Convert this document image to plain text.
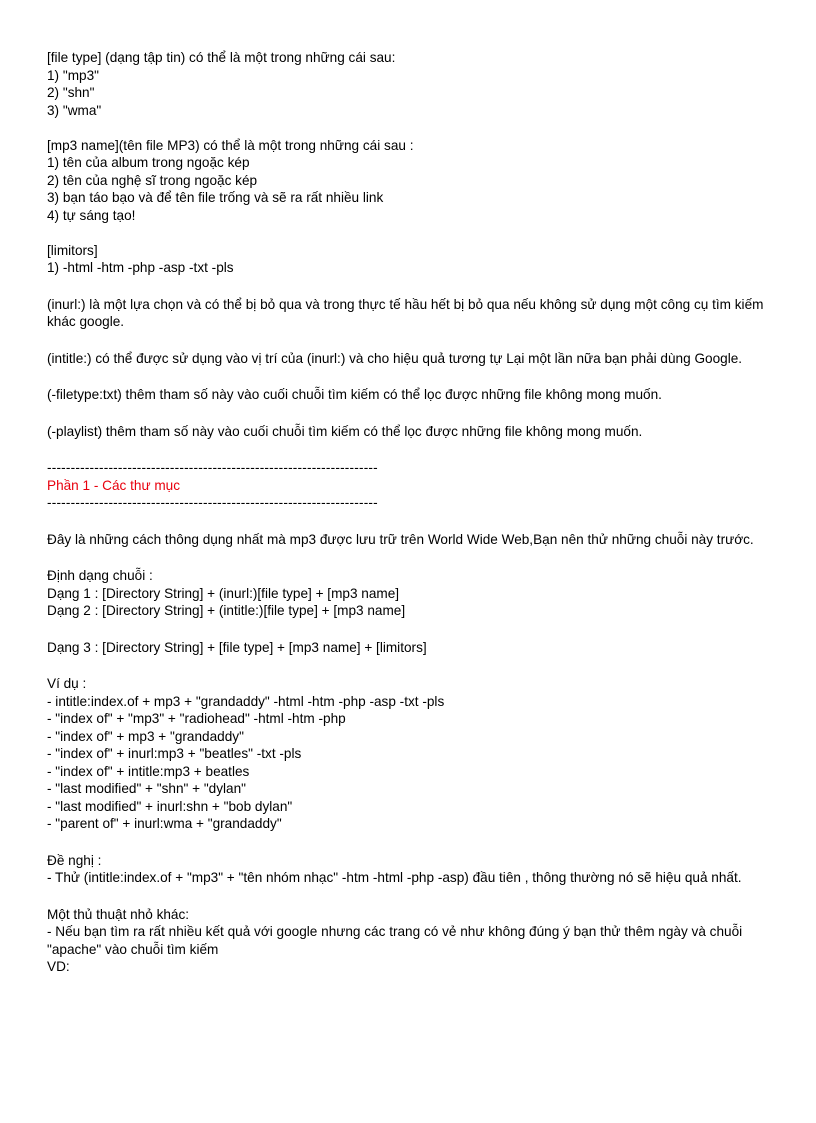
[file type] (dạng tập tin) có thể là một trong những cái sau:
1) "mp3"
2) "shn"
3) "wma"
[mp3 name](tên file MP3) có thể là một trong những cái sau :
1) tên của album trong ngoặc kép
2) tên của nghệ sĩ trong ngoặc kép
3) bạn táo bạo và để tên file trống và sẽ ra rất nhiều link
4) tự sáng tạo!
[limitors]
1) -html -htm -php -asp -txt -pls

(inurl:) là một lựa chọn và có thể bị bỏ qua và trong thực tế hầu hết bị bỏ qua nếu không sử dụng một công cụ tìm kiếm khác google.

(intitle:) có thể được sử dụng vào vị trí của (inurl:) và cho hiệu quả tương tự Lại một lần nữa bạn phải dùng Google.

(-filetype:txt) thêm tham số này vào cuối chuỗi tìm kiếm có thể lọc được những file không mong muốn.

(-playlist) thêm tham số này vào cuối chuỗi tìm kiếm có thể lọc được những file không mong muốn.

----------------------------------------------------------------------
Phần 1 - Các thư mục
----------------------------------------------------------------------

Đây là những cách thông dụng nhất mà mp3 được lưu trữ trên World Wide Web,Bạn nên thử những chuỗi này trước.

Định dạng chuỗi :
Dạng 1 : [Directory String] + (inurl:)[file type] + [mp3 name]
Dạng 2 : [Directory String] + (intitle:)[file type] + [mp3 name]
Dạng 3 : [Directory String] + [file type] + [mp3 name] + [limitors]
Ví dụ :
- intitle:index.of + mp3 + "grandaddy" -html -htm -php -asp -txt -pls
- "index of" + "mp3" + "radiohead" -html -htm -php
- "index of" + mp3 + "grandaddy"
- "index of" + inurl:mp3 + "beatles" -txt -pls
- "index of" + intitle:mp3 + beatles
- "last modified" + "shn" + "dylan"
- "last modified" + inurl:shn + "bob dylan"
- "parent of" + inurl:wma + "grandaddy"
Đề nghị :

- Thử (intitle:index.of + "mp3" + "tên nhóm nhạc" -htm -html -php -asp) đầu tiên , thông thường nó sẽ hiệu quả nhất.

Một thủ thuật nhỏ khác:

- Nếu bạn tìm ra rất nhiều kết quả với google nhưng các trang có vẻ như không đúng ý bạn thử thêm ngày và chuỗi "apache" vào chuỗi tìm kiếm

VD:
